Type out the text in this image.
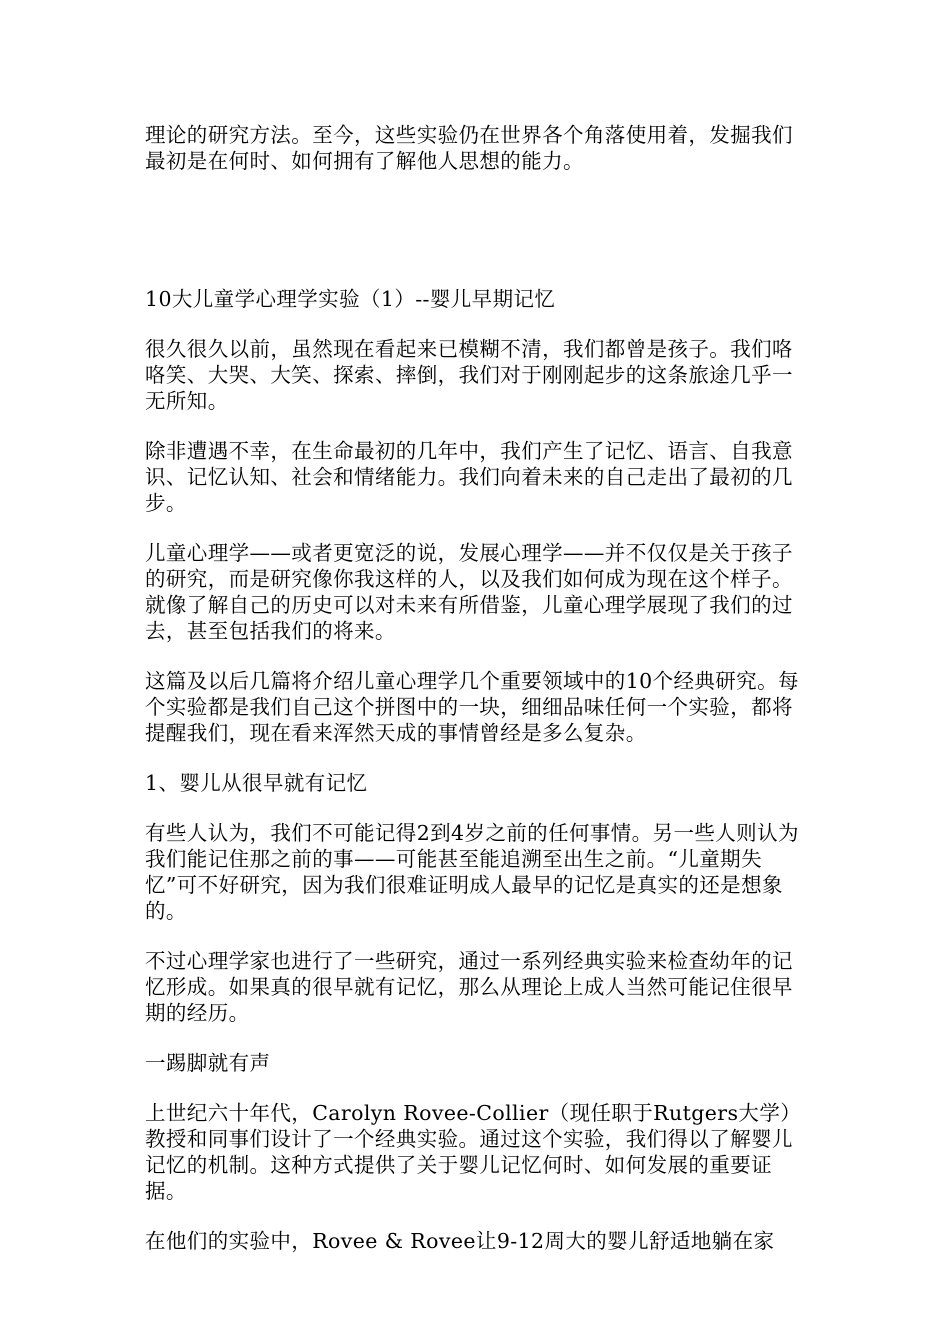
理论的研究方法。至今，这些实验仍在世界各个角落使用着，发掘我们最初是在何时、如何拥有了解他人思想的能力。

10大儿童学心理学实验（1）--婴儿早期记忆

很久很久以前，虽然现在看起来已模糊不清，我们都曾是孩子。我们咯咯笑、大哭、大笑、探索、摔倒，我们对于刚刚起步的这条旅途几乎一无所知。

除非遭遇不幸，在生命最初的几年中，我们产生了记忆、语言、自我意识、记忆认知、社会和情绪能力。我们向着未来的自己走出了最初的几步。

儿童心理学——或者更宽泛的说，发展心理学——并不仅仅是关于孩子的研究，而是研究像你我这样的人，以及我们如何成为现在这个样子。就像了解自己的历史可以对未来有所借鉴，儿童心理学展现了我们的过去，甚至包括我们的将来。

这篇及以后几篇将介绍儿童心理学几个重要领域中的10个经典研究。每个实验都是我们自己这个拼图中的一块，细细品味任何一个实验，都将提醒我们，现在看来浑然天成的事情曾经是多么复杂。

1、婴儿从很早就有记忆

有些人认为，我们不可能记得2到4岁之前的任何事情。另一些人则认为我们能记住那之前的事——可能甚至能追溯至出生之前。“儿童期失忆”可不好研究，因为我们很难证明成人最早的记忆是真实的还是想象的。

不过心理学家也进行了一些研究，通过一系列经典实验来检查幼年的记忆形成。如果真的很早就有记忆，那么从理论上成人当然可能记住很早期的经历。

一踢脚就有声

上世纪六十年代，Carolyn Rovee-Collier（现任职于Rutgers大学）教授和同事们设计了一个经典实验。通过这个实验，我们得以了解婴儿记忆的机制。这种方式提供了关于婴儿记忆何时、如何发展的重要证据。

在他们的实验中，Rovee & Rovee让9-12周大的婴儿舒适地躺在家
